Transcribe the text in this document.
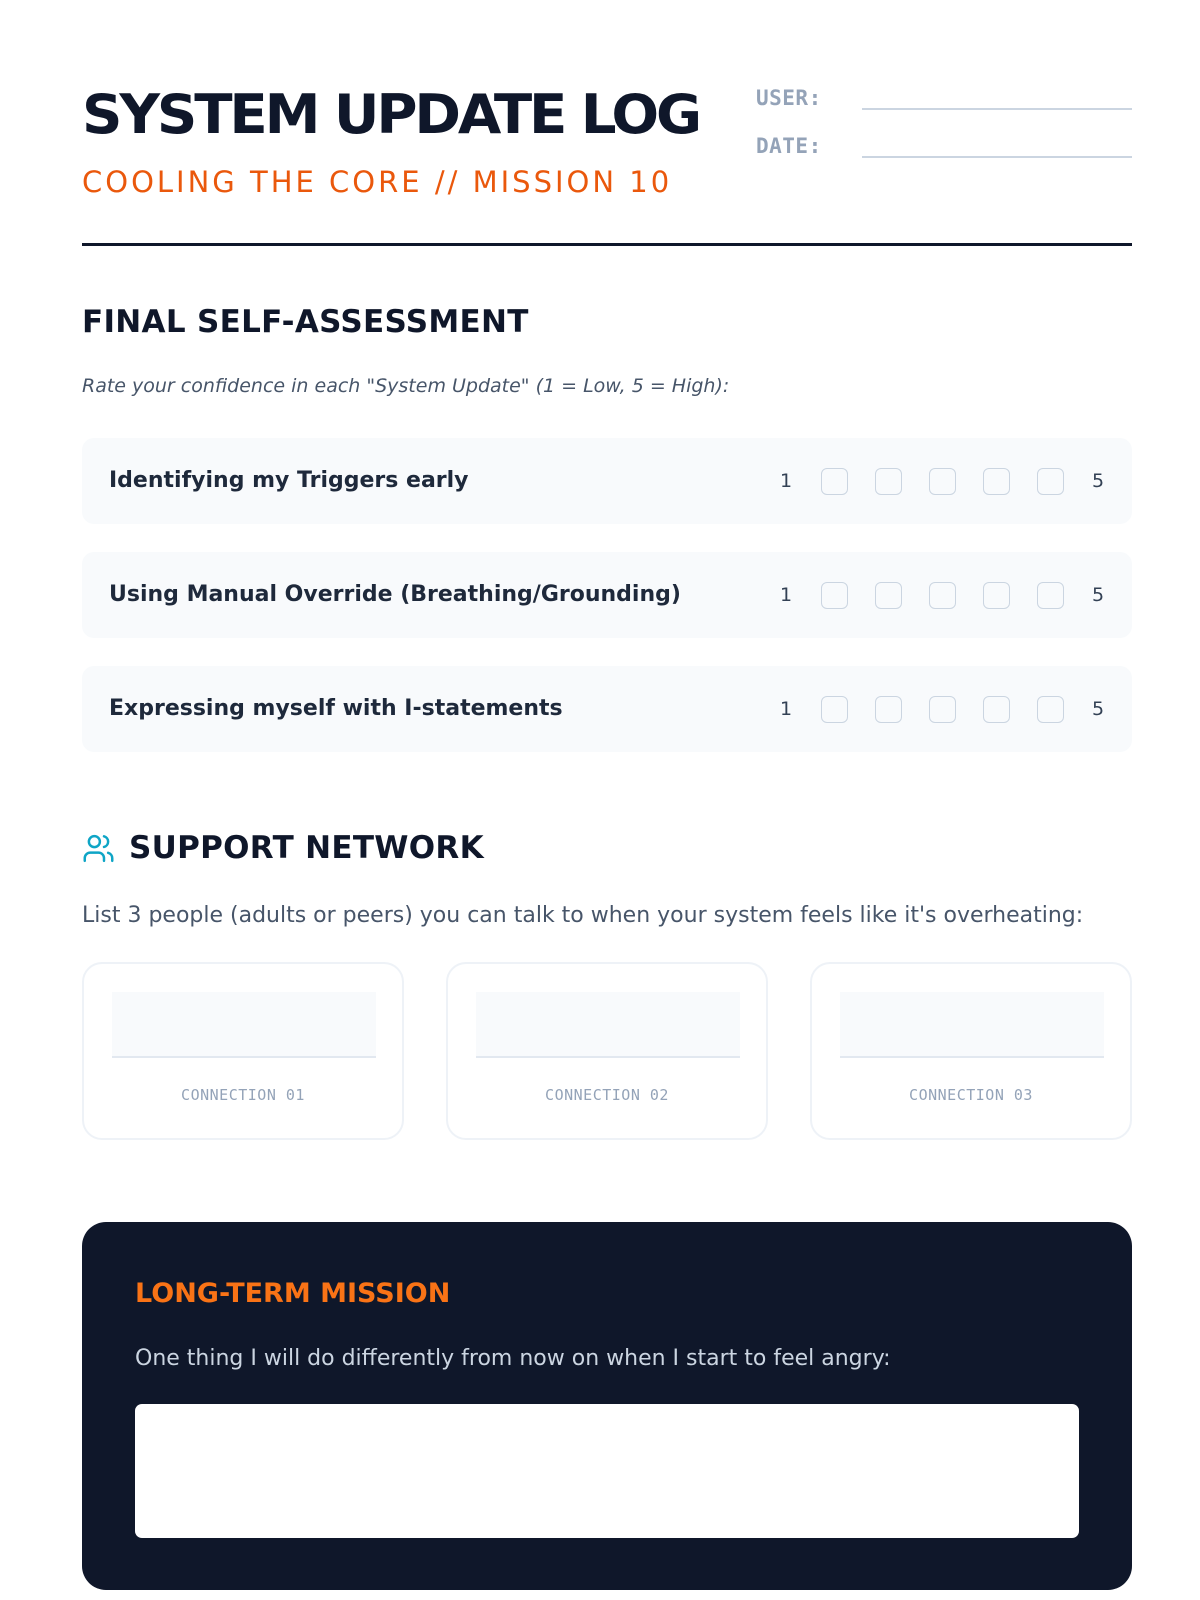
SYSTEM UPDATE LOG
COOLING THE CORE // MISSION 10
USER:
DATE:
FINAL SELF-ASSESSMENT
Rate your confidence in each "System Update" (1 = Low, 5 = High):
Identifying my Triggers early	1	5
Using Manual Override (Breathing/Grounding)	1	5
Expressing myself with I-statements	1	5
SUPPORT NETWORK
List 3 people (adults or peers) you can talk to when your system feels like it's overheating:
CONNECTION 01	CONNECTION 02	CONNECTION 03
LONG-TERM MISSION
One thing I will do differently from now on when I start to feel angry:
